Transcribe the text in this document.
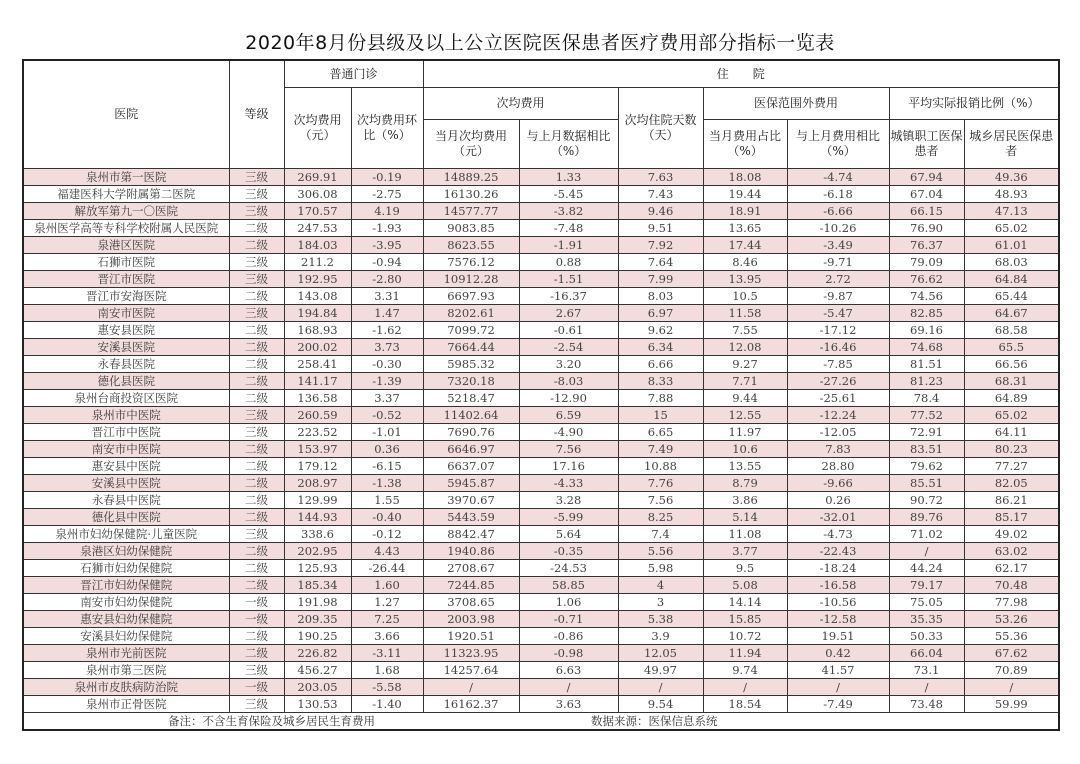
2020年8月份县级及以上公立医院医保患者医疗费用部分指标一览表
医院	等级	普通门诊		住　　院						
		次均费用（元）	次均费用环比（%）	次均费用		次均住院天数（天）	医保范围外费用		平均实际报销比例（%）	
				当月次均费用（元）	与上月数据相比（%）		当月费用占比（%）	与上月费用相比（%）	城镇职工医保患者	城乡居民医保患者
泉州市第一医院	三级	269.91	-0.19	14889.25	1.33	7.63	18.08	-4.74	67.94	49.36
福建医科大学附属第二医院	三级	306.08	-2.75	16130.26	-5.45	7.43	19.44	-6.18	67.04	48.93
解放军第九一〇医院	三级	170.57	4.19	14577.77	-3.82	9.46	18.91	-6.66	66.15	47.13
泉州医学高等专科学校附属人民医院	二级	247.53	-1.93	9083.85	-7.48	9.51	13.65	-10.26	76.90	65.02
泉港区医院	二级	184.03	-3.95	8623.55	-1.91	7.92	17.44	-3.49	76.37	61.01
石狮市医院	三级	211.2	-0.94	7576.12	0.88	7.64	8.46	-9.71	79.09	68.03
晋江市医院	三级	192.95	-2.80	10912.28	-1.51	7.99	13.95	2.72	76.62	64.84
晋江市安海医院	二级	143.08	3.31	6697.93	-16.37	8.03	10.5	-9.87	74.56	65.44
南安市医院	三级	194.84	1.47	8202.61	2.67	6.97	11.58	-5.47	82.85	64.67
惠安县医院	二级	168.93	-1.62	7099.72	-0.61	9.62	7.55	-17.12	69.16	68.58
安溪县医院	二级	200.02	3.73	7664.44	-2.54	6.34	12.08	-16.46	74.68	65.5
永春县医院	二级	258.41	-0.30	5985.32	3.20	6.66	9.27	-7.85	81.51	66.56
德化县医院	二级	141.17	-1.39	7320.18	-8.03	8.33	7.71	-27.26	81.23	68.31
泉州台商投资区医院	二级	136.58	3.37	5218.47	-12.90	7.88	9.44	-25.61	78.4	64.89
泉州市中医院	三级	260.59	-0.52	11402.64	6.59	15	12.55	-12.24	77.52	65.02
晋江市中医院	三级	223.52	-1.01	7690.76	-4.90	6.65	11.97	-12.05	72.91	64.11
南安市中医院	二级	153.97	0.36	6646.97	7.56	7.49	10.6	7.83	83.51	80.23
惠安县中医院	二级	179.12	-6.15	6637.07	17.16	10.88	13.55	28.80	79.62	77.27
安溪县中医院	二级	208.97	-1.38	5945.87	-4.33	7.76	8.79	-9.66	85.51	82.05
永春县中医院	二级	129.99	1.55	3970.67	3.28	7.56	3.86	0.26	90.72	86.21
德化县中医院	二级	144.93	-0.40	5443.59	-5.99	8.25	5.14	-32.01	89.76	85.17
泉州市妇幼保健院·儿童医院	三级	338.6	-0.12	8842.47	5.64	7.4	11.08	-4.73	71.02	49.02
泉港区妇幼保健院	二级	202.95	4.43	1940.86	-0.35	5.56	3.77	-22.43	/	63.02
石狮市妇幼保健院	二级	125.93	-26.44	2708.67	-24.53	5.98	9.5	-18.24	44.24	62.17
晋江市妇幼保健院	二级	185.34	1.60	7244.85	58.85	4	5.08	-16.58	79.17	70.48
南安市妇幼保健院	一级	191.98	1.27	3708.65	1.06	3	14.14	-10.56	75.05	77.98
惠安县妇幼保健院	一级	209.35	7.25	2003.98	-0.71	5.38	15.85	-12.58	35.35	53.26
安溪县妇幼保健院	二级	190.25	3.66	1920.51	-0.86	3.9	10.72	19.51	50.33	55.36
泉州市光前医院	二级	226.82	-3.11	11323.95	-0.98	12.05	11.94	0.42	66.04	67.62
泉州市第三医院	三级	456.27	1.68	14257.64	6.63	49.97	9.74	41.57	73.1	70.89
泉州市皮肤病防治院	一级	203.05	-5.58	/	/	/	/	/	/	/
泉州市正骨医院	三级	130.53	-1.40	16162.37	3.63	9.54	18.54	-7.49	73.48	59.99
备注：不含生育保险及城乡居民生育费用					数据来源：医保信息系统					
